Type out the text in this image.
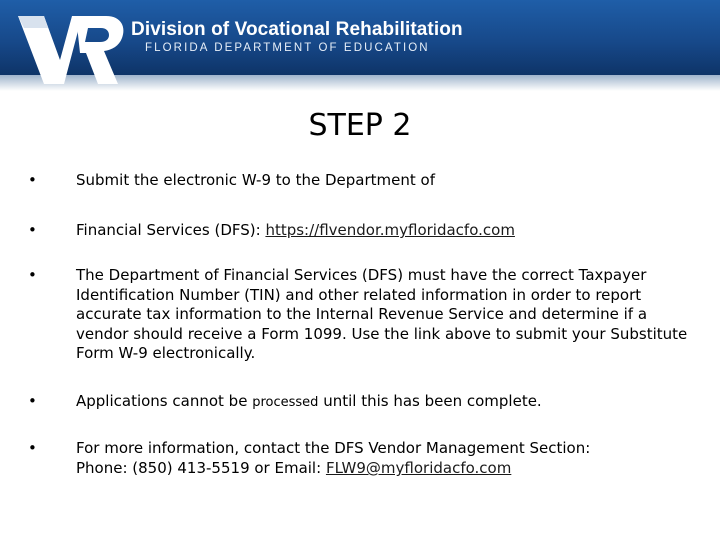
Division of Vocational Rehabilitation
FLORIDA DEPARTMENT OF EDUCATION
STEP 2
•	Submit the electronic W-9 to the Department of
•	Financial Services (DFS): https://flvendor.myfloridacfo.com
•	The Department of Financial Services (DFS) must have the correct Taxpayer Identification Number (TIN) and other related information in order to report accurate tax information to the Internal Revenue Service and determine if a vendor should receive a Form 1099. Use the link above to submit your Substitute Form W-9 electronically.
•	Applications cannot be processed until this has been complete.
•	For more information, contact the DFS Vendor Management Section:
Phone: (850) 413-5519 or Email: FLW9@myfloridacfo.com
